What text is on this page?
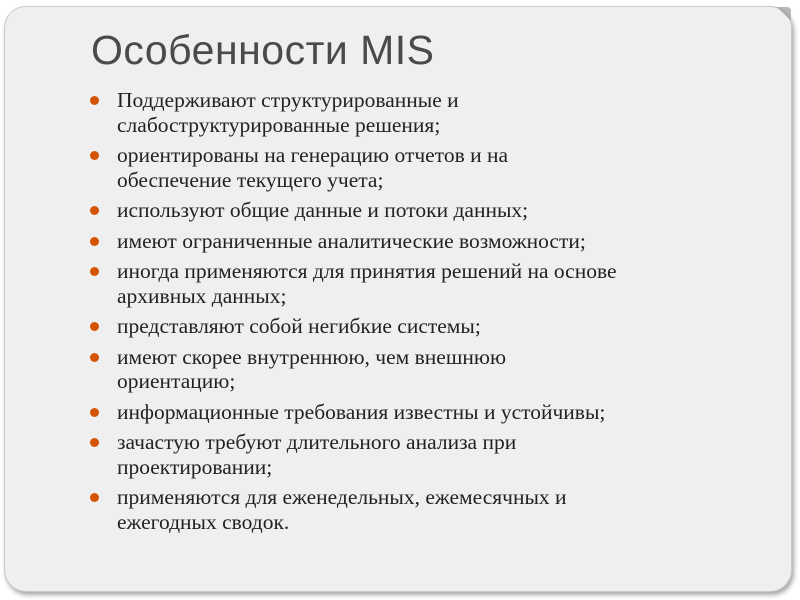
Особенности MIS
Поддерживают структурированные и
слабоструктурированные решения;
ориентированы на генерацию отчетов и на
обеспечение текущего учета;
используют общие данные и потоки данных;
имеют ограниченные аналитические возможности;
иногда применяются для принятия решений на основе
архивных данных;
представляют собой негибкие системы;
имеют скорее внутреннюю, чем внешнюю
ориентацию;
информационные требования известны и устойчивы;
зачастую требуют длительного анализа при
проектировании;
применяются для еженедельных, ежемесячных и
ежегодных сводок.
